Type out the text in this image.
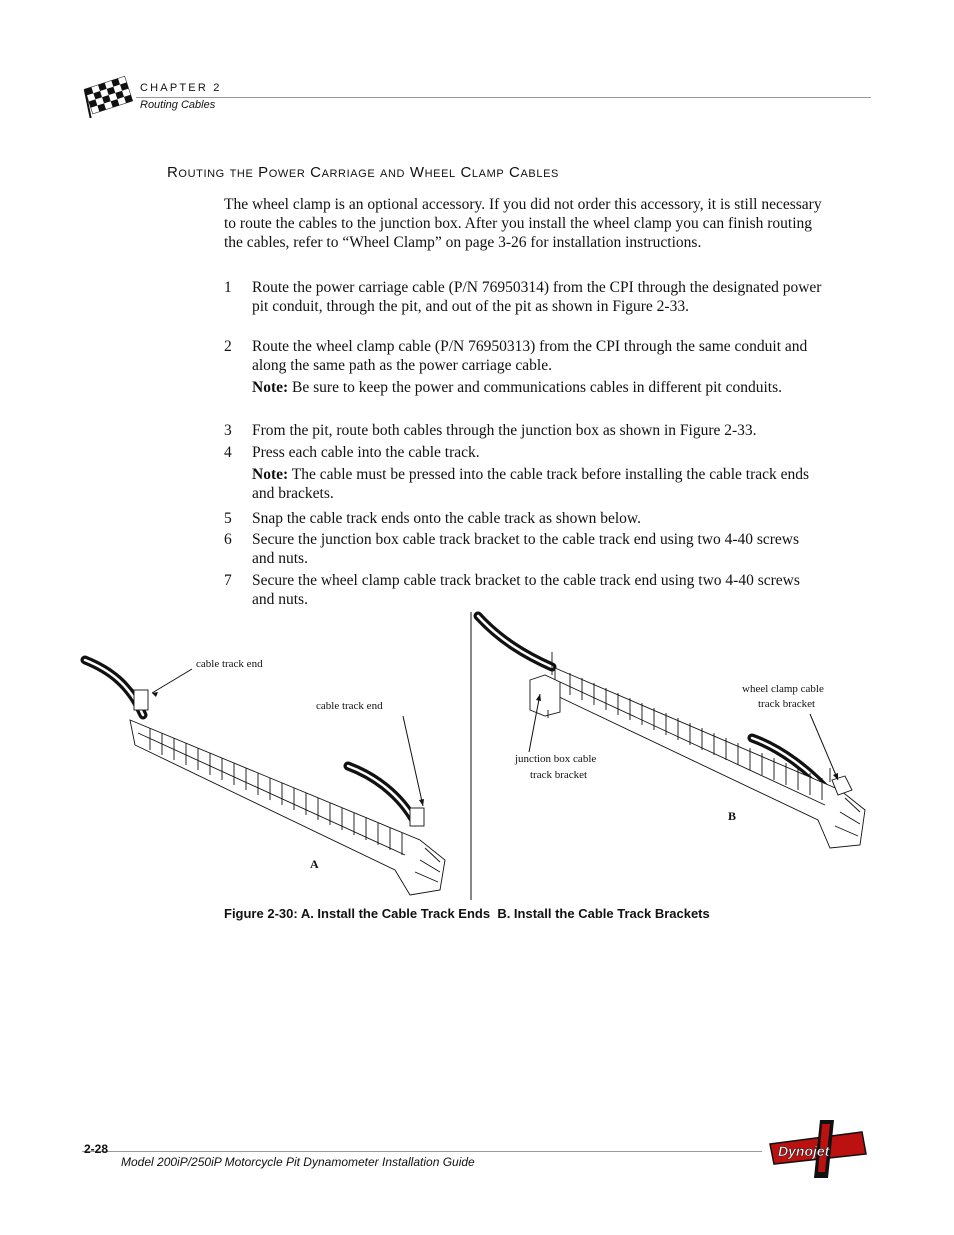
CHAPTER 2
Routing Cables
Routing the Power Carriage and Wheel Clamp Cables
The wheel clamp is an optional accessory. If you did not order this accessory, it is still necessary to route the cables to the junction box. After you install the wheel clamp you can finish routing the cables, refer to “Wheel Clamp” on page 3-26 for installation instructions.
1	Route the power carriage cable (P/N 76950314) from the CPI through the designated power pit conduit, through the pit, and out of the pit as shown in Figure 2-33.
2	Route the wheel clamp cable (P/N 76950313) from the CPI through the same conduit and along the same path as the power carriage cable.
Note: Be sure to keep the power and communications cables in different pit conduits.
3	From the pit, route both cables through the junction box as shown in Figure 2-33.
4	Press each cable into the cable track.
Note: The cable must be pressed into the cable track before installing the cable track ends and brackets.
5	Snap the cable track ends onto the cable track as shown below.
6	Secure the junction box cable track bracket to the cable track end using two 4-40 screws and nuts.
7	Secure the wheel clamp cable track bracket to the cable track end using two 4-40 screws and nuts.
cable track end
cable track end
junction box cable
track bracket
wheel clamp cable
track bracket
A
B
Figure 2-30: A. Install the Cable Track Ends  B. Install the Cable Track Brackets
2-28
Model 200iP/250iP Motorcycle Pit Dynamometer Installation Guide
Dynojet
